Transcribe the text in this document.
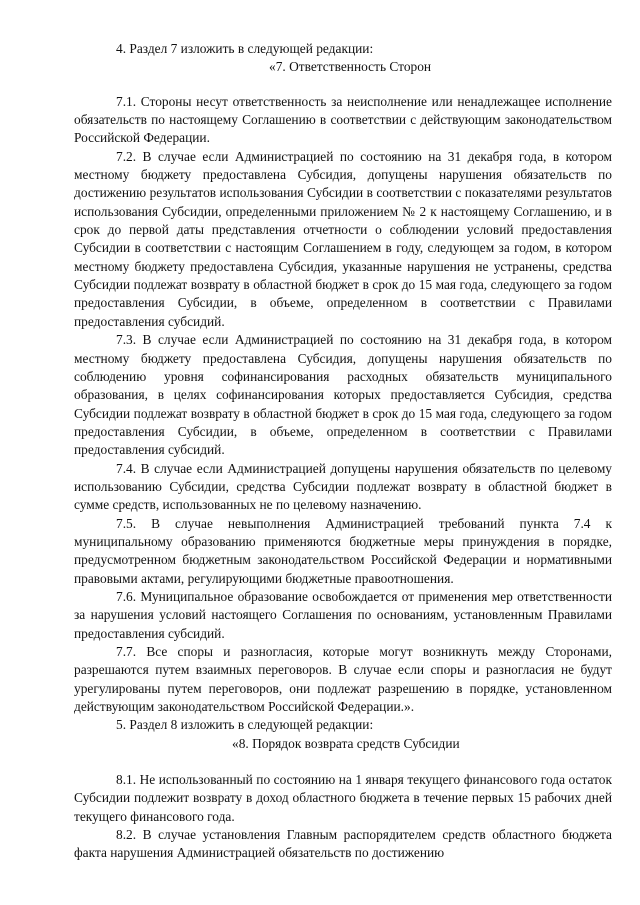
4. Раздел 7 изложить в следующей редакции:

«7. Ответственность Сторон

7.1. Стороны несут ответственность за неисполнение или ненадлежащее исполнение обязательств по настоящему Соглашению в соответствии с действующим законодательством Российской Федерации.

7.2. В случае если Администрацией по состоянию на 31 декабря года, в котором местному бюджету предоставлена Субсидия, допущены нарушения обязательств по достижению результатов использования Субсидии в соответствии с показателями результатов использования Субсидии, определенными приложением № 2 к настоящему Соглашению, и в срок до первой даты представления отчетности о соблюдении условий предоставления Субсидии в соответствии с настоящим Соглашением в году, следующем за годом, в котором местному бюджету предоставлена Субсидия, указанные нарушения не устранены, средства Субсидии подлежат возврату в областной бюджет в срок до 15 мая года, следующего за годом предоставления Субсидии, в объеме, определенном в соответствии с Правилами предоставления субсидий.

7.3. В случае если Администрацией по состоянию на 31 декабря года, в котором местному бюджету предоставлена Субсидия, допущены нарушения обязательств по соблюдению уровня софинансирования расходных обязательств муниципального образования, в целях софинансирования которых предоставляется Субсидия, средства Субсидии подлежат возврату в областной бюджет в срок до 15 мая года, следующего за годом предоставления Субсидии, в объеме, определенном в соответствии с Правилами предоставления субсидий.

7.4. В случае если Администрацией допущены нарушения обязательств по целевому использованию Субсидии, средства Субсидии подлежат возврату в областной бюджет в сумме средств, использованных не по целевому назначению.

7.5. В случае невыполнения Администрацией требований пункта 7.4 к муниципальному образованию применяются бюджетные меры принуждения в порядке, предусмотренном бюджетным законодательством Российской Федерации и нормативными правовыми актами, регулирующими бюджетные правоотношения.

7.6. Муниципальное образование освобождается от применения мер ответственности за нарушения условий настоящего Соглашения по основаниям, установленным Правилами предоставления субсидий.

7.7. Все споры и разногласия, которые могут возникнуть между Сторонами, разрешаются путем взаимных переговоров. В случае если споры и разногласия не будут урегулированы путем переговоров, они подлежат разрешению в порядке, установленном действующим законодательством Российской Федерации.».

5. Раздел 8 изложить в следующей редакции:

«8. Порядок возврата средств Субсидии

8.1. Не использованный по состоянию на 1 января текущего финансового года остаток Субсидии подлежит возврату в доход областного бюджета в течение первых 15 рабочих дней текущего финансового года.

8.2. В случае установления Главным распорядителем средств областного бюджета факта нарушения Администрацией обязательств по достижению
